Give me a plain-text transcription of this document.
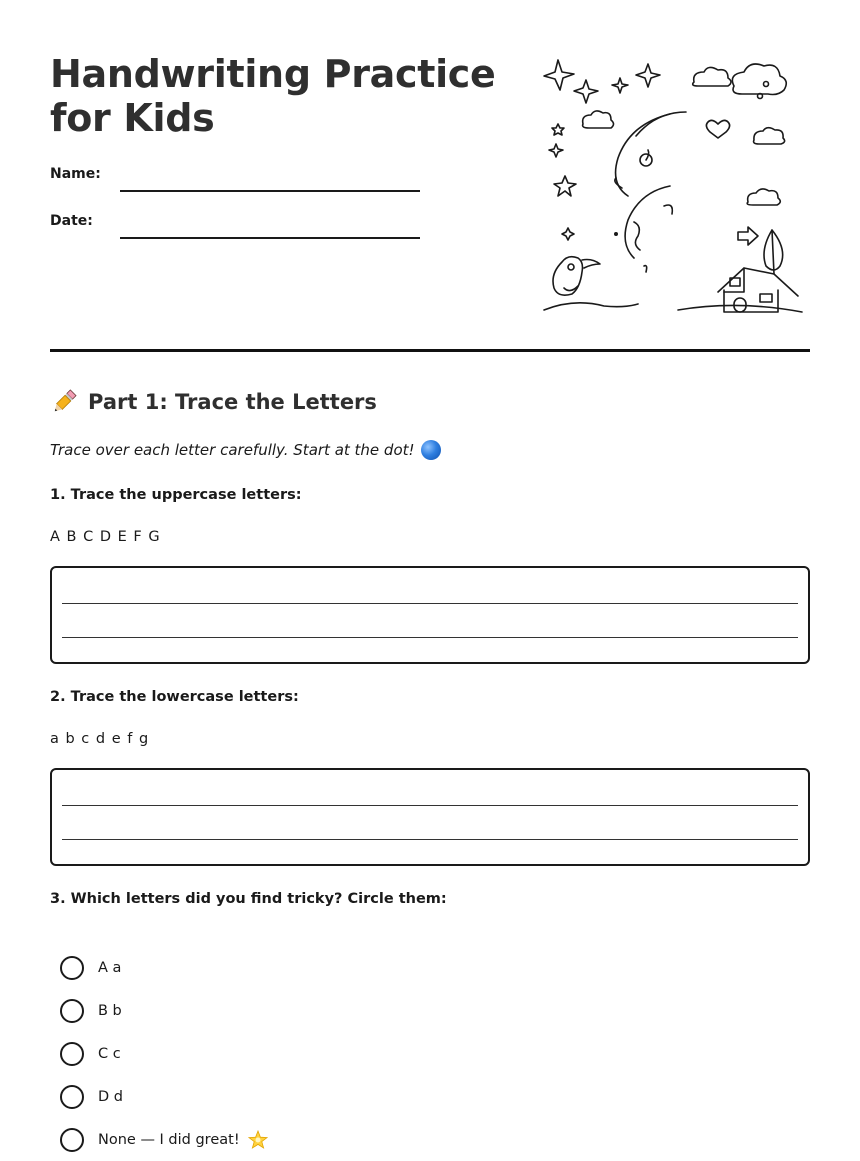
Handwriting Practice
for Kids
Name:
Date:
Part 1: Trace the Letters
Trace over each letter carefully. Start at the dot!
1. Trace the uppercase letters:
A B C D E F G
2. Trace the lowercase letters:
a b c d e f g
3. Which letters did you find tricky? Circle them:
A a
B b
C c
D d
None — I did great!
